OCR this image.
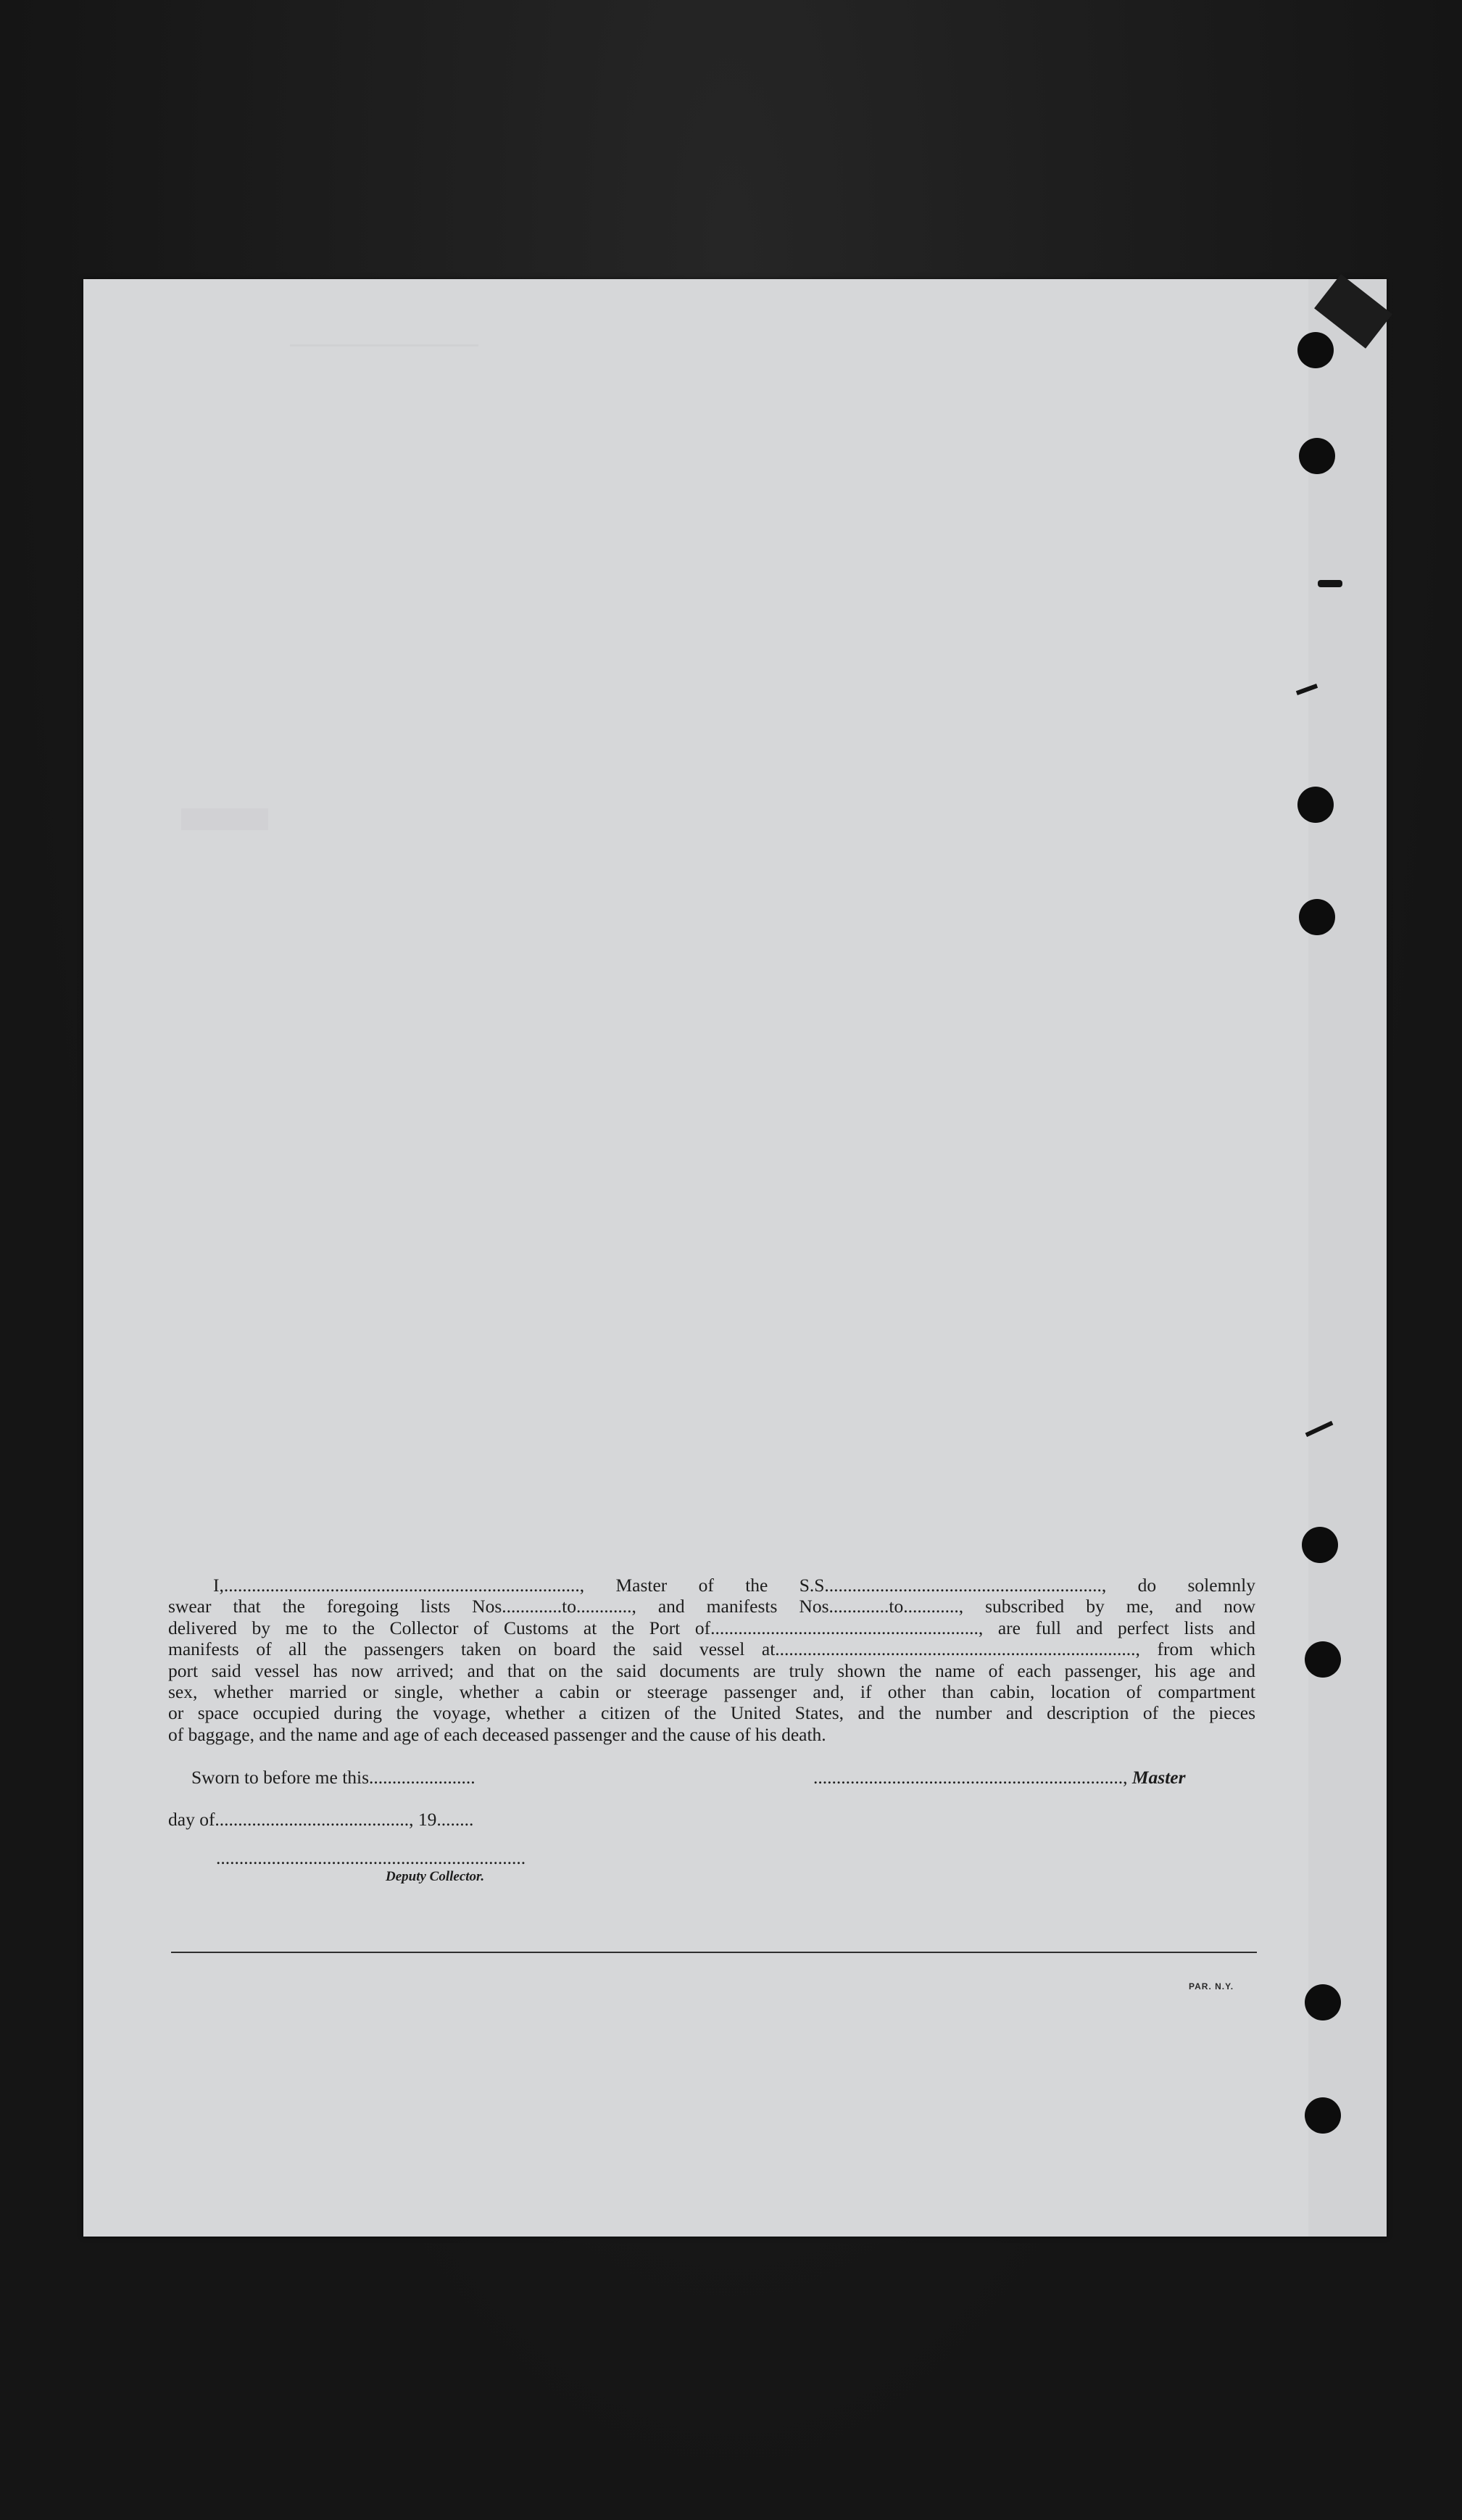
I,............................................................................., Master of the S.S............................................................, do solemnly
swear that the foregoing lists Nos.............to............, and manifests Nos.............to............, subscribed by me, and now
delivered by me to the Collector of Customs at the Port of.........................................................., are full and perfect lists and
manifests of all the passengers taken on board the said vessel at.............................................................................., from which
port said vessel has now arrived; and that on the said documents are truly shown the name of each passenger, his age and
sex, whether married or single, whether a cabin or steerage passenger and, if other than cabin, location of compartment
or space occupied during the voyage, whether a citizen of the United States, and the number and description of the pieces
of baggage, and the name and age of each deceased passenger and the cause of his death.
Sworn to before me this.......................	..................................................................., Master
day of.........................................., 19........
...................................................................
Deputy Collector.
PAR. N.Y.
